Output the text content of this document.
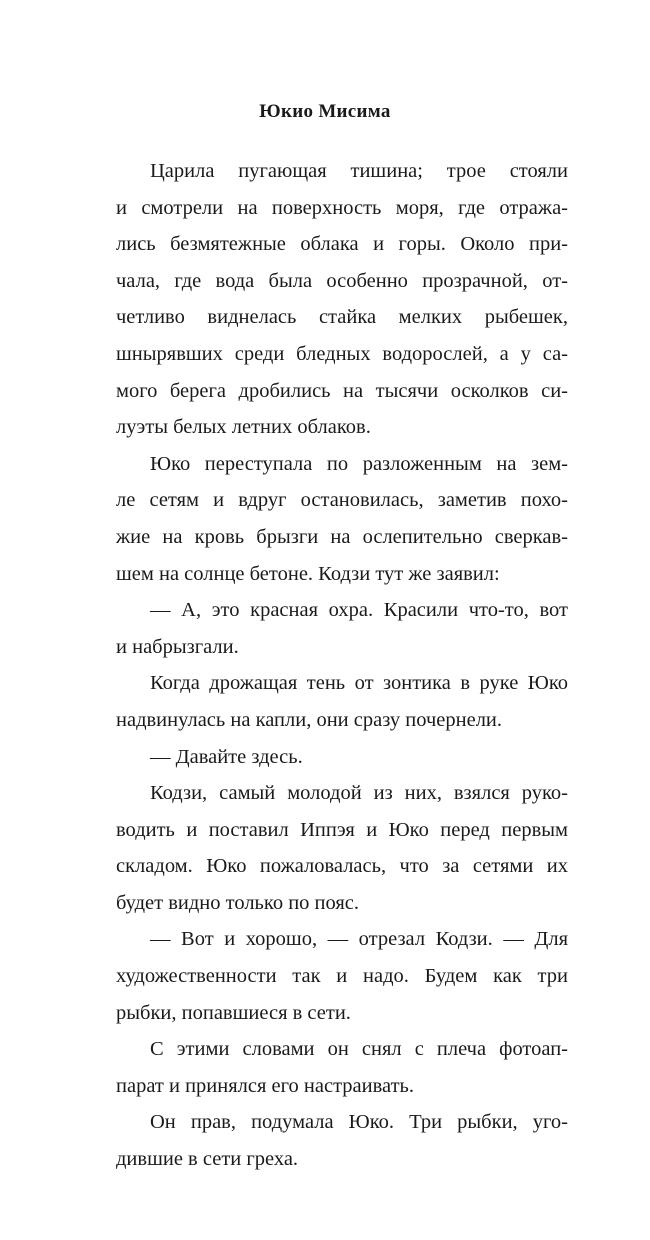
Юкио Мисима
Царила пугающая тишина; трое стояли
и смотрели на поверхность моря, где отража-
лись безмятежные облака и горы. Около при-
чала, где вода была особенно прозрачной, от-
четливо виднелась стайка мелких рыбешек,
шнырявших среди бледных водорослей, а у са-
мого берега дробились на тысячи осколков си-
луэты белых летних облаков.
Юко переступала по разложенным на зем-
ле сетям и вдруг остановилась, заметив похо-
жие на кровь брызги на ослепительно сверкав-
шем на солнце бетоне. Кодзи тут же заявил:
— А, это красная охра. Красили что-то, вот
и набрызгали.
Когда дрожащая тень от зонтика в руке Юко
надвинулась на капли, они сразу почернели.
— Давайте здесь.
Кодзи, самый молодой из них, взялся руко-
водить и поставил Иппэя и Юко перед первым
складом. Юко пожаловалась, что за сетями их
будет видно только по пояс.
— Вот и хорошо, — отрезал Кодзи. — Для
художественности так и надо. Будем как три
рыбки, попавшиеся в сети.
С этими словами он снял с плеча фотоап-
парат и принялся его настраивать.
Он прав, подумала Юко. Три рыбки, уго-
дившие в сети греха.
